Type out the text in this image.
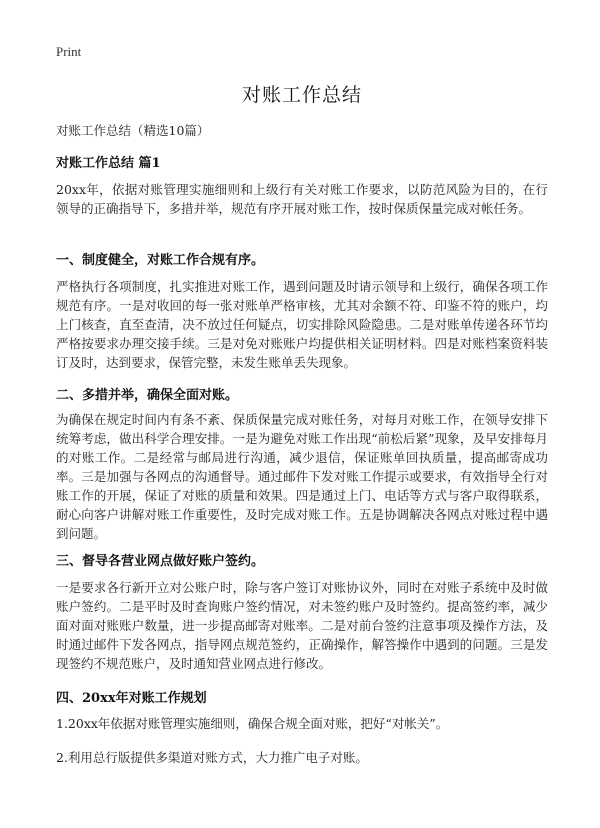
Print
对账工作总结
对账工作总结（精选10篇）
对账工作总结 篇1
20xx年，依据对账管理实施细则和上级行有关对账工作要求，以防范风险为目的，在行领导的正确指导下，多措并举，规范有序开展对账工作，按时保质保量完成对帐任务。
一、制度健全，对账工作合规有序。
严格执行各项制度，扎实推进对账工作，遇到问题及时请示领导和上级行，确保各项工作规范有序。一是对收回的每一张对账单严格审核，尤其对余额不符、印鉴不符的账户，均上门核查，直至查清，决不放过任何疑点，切实排除风险隐患。二是对账单传递各环节均严格按要求办理交接手续。三是对免对账账户均提供相关证明材料。四是对账档案资料装订及时，达到要求，保管完整，未发生账单丢失现象。
二、多措并举，确保全面对账。
为确保在规定时间内有条不紊、保质保量完成对账任务，对每月对账工作，在领导安排下统筹考虑，做出科学合理安排。一是为避免对账工作出现“前松后紧”现象，及早安排每月的对账工作。二是经常与邮局进行沟通，减少退信，保证账单回执质量，提高邮寄成功率。三是加强与各网点的沟通督导。通过邮件下发对账工作提示或要求，有效指导全行对账工作的开展，保证了对账的质量和效果。四是通过上门、电话等方式与客户取得联系，耐心向客户讲解对账工作重要性，及时完成对账工作。五是协调解决各网点对账过程中遇到问题。
三、督导各营业网点做好账户签约。
一是要求各行新开立对公账户时，除与客户签订对账协议外，同时在对账子系统中及时做账户签约。二是平时及时查询账户签约情况，对未签约账户及时签约。提高签约率，减少面对面对账账户数量，进一步提高邮寄对账率。二是对前台签约注意事项及操作方法，及时通过邮件下发各网点，指导网点规范签约，正确操作，解答操作中遇到的问题。三是发现签约不规范账户，及时通知营业网点进行修改。
四、20xx年对账工作规划
1.20xx年依据对账管理实施细则，确保合规全面对账，把好“对帐关”。
2.利用总行版提供多渠道对账方式，大力推广电子对账。
